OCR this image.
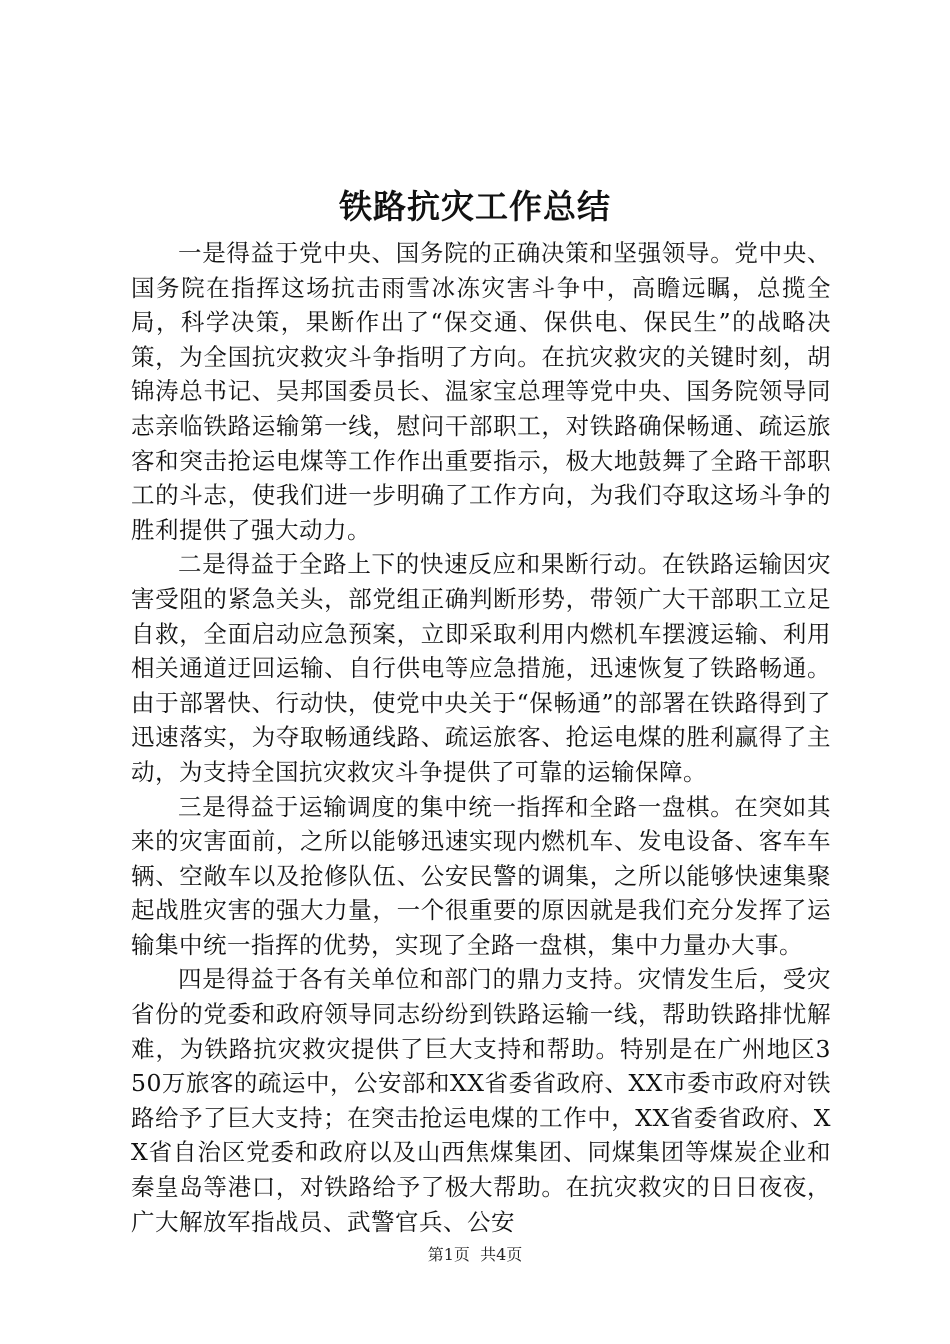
铁路抗灾工作总结

一是得益于党中央、国务院的正确决策和坚强领导。党中央、国务院在指挥这场抗击雨雪冰冻灾害斗争中，高瞻远瞩，总揽全局，科学决策，果断作出了“保交通、保供电、保民生”的战略决策，为全国抗灾救灾斗争指明了方向。在抗灾救灾的关键时刻，胡锦涛总书记、吴邦国委员长、温家宝总理等党中央、国务院领导同志亲临铁路运输第一线，慰问干部职工，对铁路确保畅通、疏运旅客和突击抢运电煤等工作作出重要指示，极大地鼓舞了全路干部职工的斗志，使我们进一步明确了工作方向，为我们夺取这场斗争的胜利提供了强大动力。

二是得益于全路上下的快速反应和果断行动。在铁路运输因灾害受阻的紧急关头，部党组正确判断形势，带领广大干部职工立足自救，全面启动应急预案，立即采取利用内燃机车摆渡运输、利用相关通道迂回运输、自行供电等应急措施，迅速恢复了铁路畅通。由于部署快、行动快，使党中央关于“保畅通”的部署在铁路得到了迅速落实，为夺取畅通线路、疏运旅客、抢运电煤的胜利赢得了主动，为支持全国抗灾救灾斗争提供了可靠的运输保障。

三是得益于运输调度的集中统一指挥和全路一盘棋。在突如其来的灾害面前，之所以能够迅速实现内燃机车、发电设备、客车车辆、空敞车以及抢修队伍、公安民警的调集，之所以能够快速集聚起战胜灾害的强大力量，一个很重要的原因就是我们充分发挥了运输集中统一指挥的优势，实现了全路一盘棋，集中力量办大事。

四是得益于各有关单位和部门的鼎力支持。灾情发生后，受灾省份的党委和政府领导同志纷纷到铁路运输一线，帮助铁路排忧解难，为铁路抗灾救灾提供了巨大支持和帮助。特别是在广州地区350万旅客的疏运中，公安部和XX省委省政府、XX市委市政府对铁路给予了巨大支持；在突击抢运电煤的工作中，XX省委省政府、XX省自治区党委和政府以及山西焦煤集团、同煤集团等煤炭企业和秦皇岛等港口，对铁路给予了极大帮助。在抗灾救灾的日日夜夜，广大解放军指战员、武警官兵、公安

第1页  共4页
